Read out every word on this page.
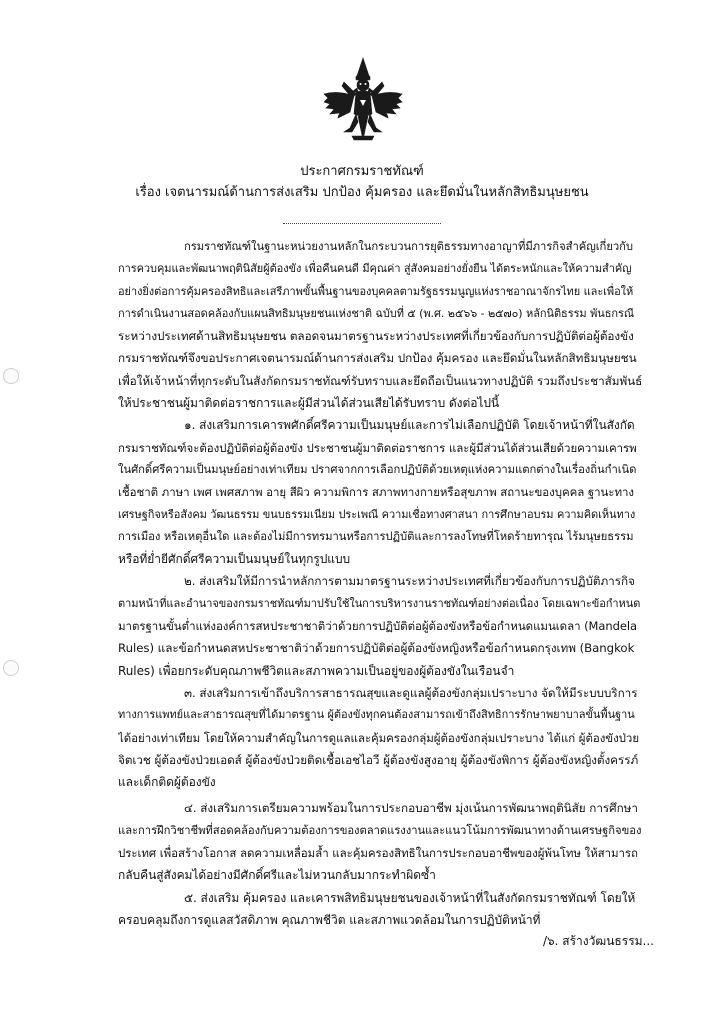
ประกาศกรมราชทัณฑ์
เรื่อง เจตนารมณ์ด้านการส่งเสริม ปกป้อง คุ้มครอง และยึดมั่นในหลักสิทธิมนุษยชน
กรมราชทัณฑ์ในฐานะหน่วยงานหลักในกระบวนการยุติธรรมทางอาญาที่มีภารกิจสำคัญเกี่ยวกับ
การควบคุมและพัฒนาพฤตินิสัยผู้ต้องขัง เพื่อคืนคนดี มีคุณค่า สู่สังคมอย่างยั่งยืน ได้ตระหนักและให้ความสำคัญ
อย่างยิ่งต่อการคุ้มครองสิทธิและเสรีภาพขั้นพื้นฐานของบุคคลตามรัฐธรรมนูญแห่งราชอาณาจักรไทย และเพื่อให้
การดำเนินงานสอดคล้องกับแผนสิทธิมนุษยชนแห่งชาติ ฉบับที่ ๕ (พ.ศ. ๒๕๖๖ - ๒๕๗๐) หลักนิติธรรม พันธกรณี
ระหว่างประเทศด้านสิทธิมนุษยชน ตลอดจนมาตรฐานระหว่างประเทศที่เกี่ยวข้องกับการปฏิบัติต่อผู้ต้องขัง
กรมราชทัณฑ์จึงขอประกาศเจตนารมณ์ด้านการส่งเสริม ปกป้อง คุ้มครอง และยึดมั่นในหลักสิทธิมนุษยชน
เพื่อให้เจ้าหน้าที่ทุกระดับในสังกัดกรมราชทัณฑ์รับทราบและยึดถือเป็นแนวทางปฏิบัติ รวมถึงประชาสัมพันธ์
ให้ประชาชนผู้มาติดต่อราชการและผู้มีส่วนได้ส่วนเสียได้รับทราบ ดังต่อไปนี้
๑. ส่งเสริมการเคารพศักดิ์ศรีความเป็นมนุษย์และการไม่เลือกปฏิบัติ โดยเจ้าหน้าที่ในสังกัด
กรมราชทัณฑ์จะต้องปฏิบัติต่อผู้ต้องขัง ประชาชนผู้มาติดต่อราชการ และผู้มีส่วนได้ส่วนเสียด้วยความเคารพ
ในศักดิ์ศรีความเป็นมนุษย์อย่างเท่าเทียม ปราศจากการเลือกปฏิบัติด้วยเหตุแห่งความแตกต่างในเรื่องถิ่นกำเนิด
เชื้อชาติ ภาษา เพศ เพศสภาพ อายุ สีผิว ความพิการ สภาพทางกายหรือสุขภาพ สถานะของบุคคล ฐานะทาง
เศรษฐกิจหรือสังคม วัฒนธรรม ขนบธรรมเนียม ประเพณี ความเชื่อทางศาสนา การศึกษาอบรม ความคิดเห็นทาง
การเมือง หรือเหตุอื่นใด และต้องไม่มีการทรมานหรือการปฏิบัติและการลงโทษที่โหดร้ายทารุณ ไร้มนุษยธรรม
หรือที่ย่ำยีศักดิ์ศรีความเป็นมนุษย์ในทุกรูปแบบ
๒. ส่งเสริมให้มีการนำหลักการตามมาตรฐานระหว่างประเทศที่เกี่ยวข้องกับการปฏิบัติภารกิจ
ตามหน้าที่และอำนาจของกรมราชทัณฑ์มาปรับใช้ในการบริหารงานราชทัณฑ์อย่างต่อเนื่อง โดยเฉพาะข้อกำหนด
มาตรฐานขั้นต่ำแห่งองค์การสหประชาชาติว่าด้วยการปฏิบัติต่อผู้ต้องขังหรือข้อกำหนดแมนเดลา (Mandela
Rules) และข้อกำหนดสหประชาชาติว่าด้วยการปฏิบัติต่อผู้ต้องขังหญิงหรือข้อกำหนดกรุงเทพ (Bangkok
Rules) เพื่อยกระดับคุณภาพชีวิตและสภาพความเป็นอยู่ของผู้ต้องขังในเรือนจำ
๓. ส่งเสริมการเข้าถึงบริการสาธารณสุขและดูแลผู้ต้องขังกลุ่มเปราะบาง จัดให้มีระบบบริการ
ทางการแพทย์และสาธารณสุขที่ได้มาตรฐาน ผู้ต้องขังทุกคนต้องสามารถเข้าถึงสิทธิการรักษาพยาบาลขั้นพื้นฐาน
ได้อย่างเท่าเทียม โดยให้ความสำคัญในการดูแลและคุ้มครองกลุ่มผู้ต้องขังกลุ่มเปราะบาง ได้แก่ ผู้ต้องขังป่วย
จิตเวช ผู้ต้องขังป่วยเอดส์ ผู้ต้องขังป่วยติดเชื้อเอชไอวี ผู้ต้องขังสูงอายุ ผู้ต้องขังพิการ ผู้ต้องขังหญิงตั้งครรภ์
และเด็กติดผู้ต้องขัง
๔. ส่งเสริมการเตรียมความพร้อมในการประกอบอาชีพ มุ่งเน้นการพัฒนาพฤตินิสัย การศึกษา
และการฝึกวิชาชีพที่สอดคล้องกับความต้องการของตลาดแรงงานและแนวโน้มการพัฒนาทางด้านเศรษฐกิจของ
ประเทศ เพื่อสร้างโอกาส ลดความเหลื่อมล้ำ และคุ้มครองสิทธิในการประกอบอาชีพของผู้พ้นโทษ ให้สามารถ
กลับคืนสู่สังคมได้อย่างมีศักดิ์ศรีและไม่หวนกลับมากระทำผิดซ้ำ
๕. ส่งเสริม คุ้มครอง และเคารพสิทธิมนุษยชนของเจ้าหน้าที่ในสังกัดกรมราชทัณฑ์ โดยให้
ครอบคลุมถึงการดูแลสวัสดิภาพ คุณภาพชีวิต และสภาพแวดล้อมในการปฏิบัติหน้าที่
/๖. สร้างวัฒนธรรม...
